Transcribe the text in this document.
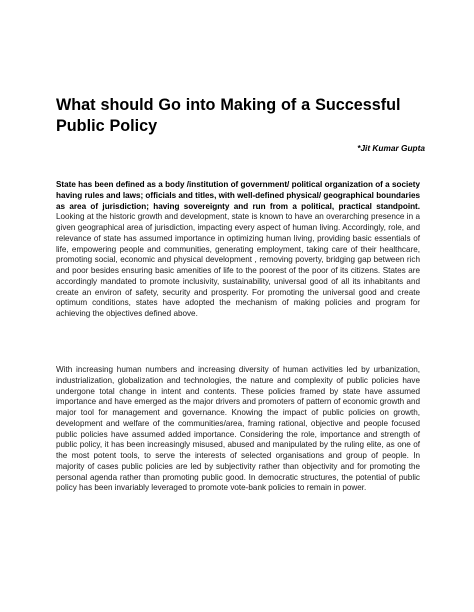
What should Go into Making of a Successful Public Policy

*Jit Kumar Gupta

State has been defined as a body /institution of government/ political organization of a society having rules and laws; officials and titles, with well-defined physical/ geographical boundaries as area of jurisdiction; having sovereignty and run from a political, practical standpoint. Looking at the historic growth and development, state is known to have an overarching presence in a given geographical area of jurisdiction, impacting every aspect of human living. Accordingly, role, and relevance of state has assumed importance in optimizing human living, providing basic essentials of life, empowering people and communities, generating employment, taking care of their healthcare, promoting social, economic and physical development , removing poverty, bridging gap between rich and poor besides ensuring basic amenities of life to the poorest of the poor of its citizens. States are accordingly mandated to promote inclusivity, sustainability, universal good of all its inhabitants and create an environ of safety, security and prosperity. For promoting the universal good and create optimum conditions, states have adopted the mechanism of making policies and program for achieving the objectives defined above.

With increasing human numbers and increasing diversity of human activities led by urbanization, industrialization, globalization and technologies, the nature and complexity of public policies have undergone total change in intent and contents. These policies framed by state have assumed importance and have emerged as the major drivers and promoters of pattern of economic growth and major tool for management and governance. Knowing the impact of public policies on growth, development and welfare of the communities/area, framing rational, objective and people focused public policies have assumed added importance. Considering the role, importance and strength of public policy, it has been increasingly misused, abused and manipulated by the ruling elite, as one of the most potent tools, to serve the interests of selected organisations and group of people. In majority of cases public policies are led by subjectivity rather than objectivity and for promoting the personal agenda rather than promoting public good. In democratic structures, the potential of public policy has been invariably leveraged to promote vote-bank policies to remain in power.
